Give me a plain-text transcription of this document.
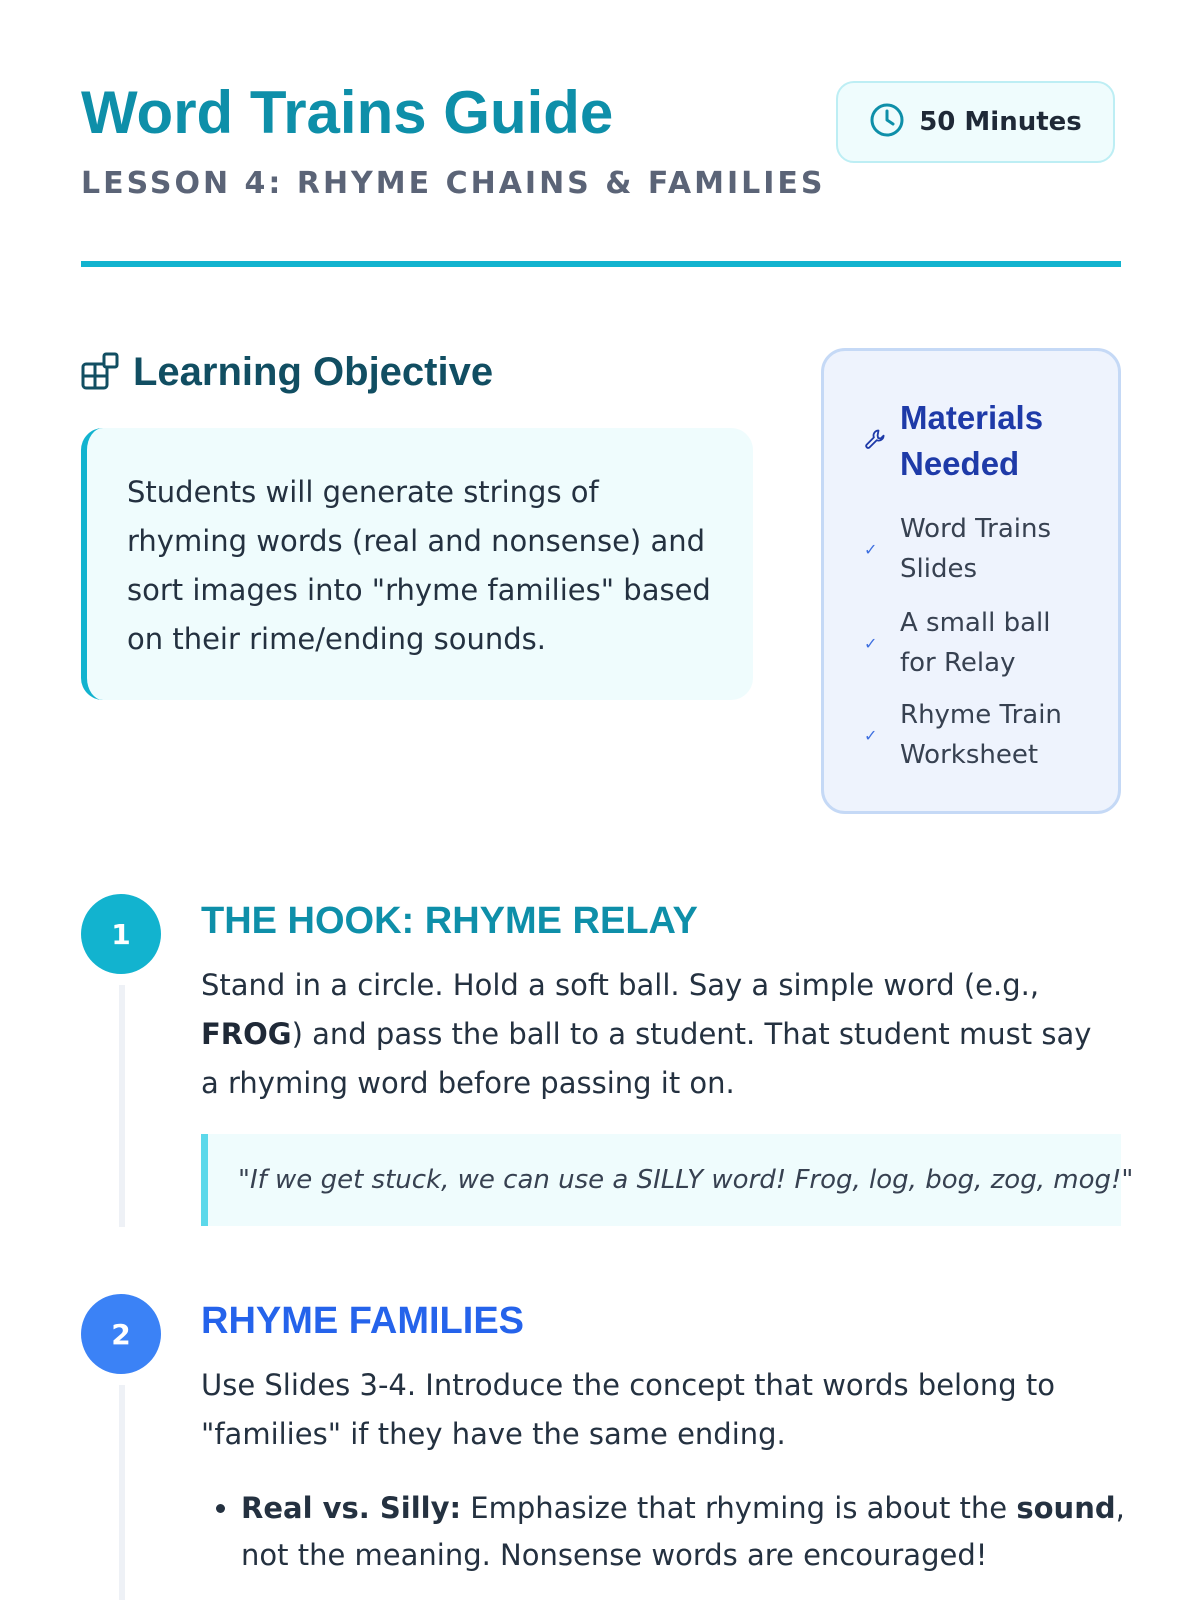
Word Trains Guide
LESSON 4: RHYME CHAINS & FAMILIES
50 Minutes
Learning Objective
Students will generate strings of rhyming words (real and nonsense) and sort images into "rhyme families" based on their rime/ending sounds.
Materials Needed
✓
Word Trains Slides
✓
A small ball for Relay
✓
Rhyme Train Worksheet
1	THE HOOK: RHYME RELAY
Stand in a circle. Hold a soft ball. Say a simple word (e.g., FROG) and pass the ball to a student. That student must say a rhyming word before passing it on.
"If we get stuck, we can use a SILLY word! Frog, log, bog, zog, mog!"
2	RHYME FAMILIES
Use Slides 3-4. Introduce the concept that words belong to "families" if they have the same ending.
• Real vs. Silly: Emphasize that rhyming is about the sound, not the meaning. Nonsense words are encouraged!
